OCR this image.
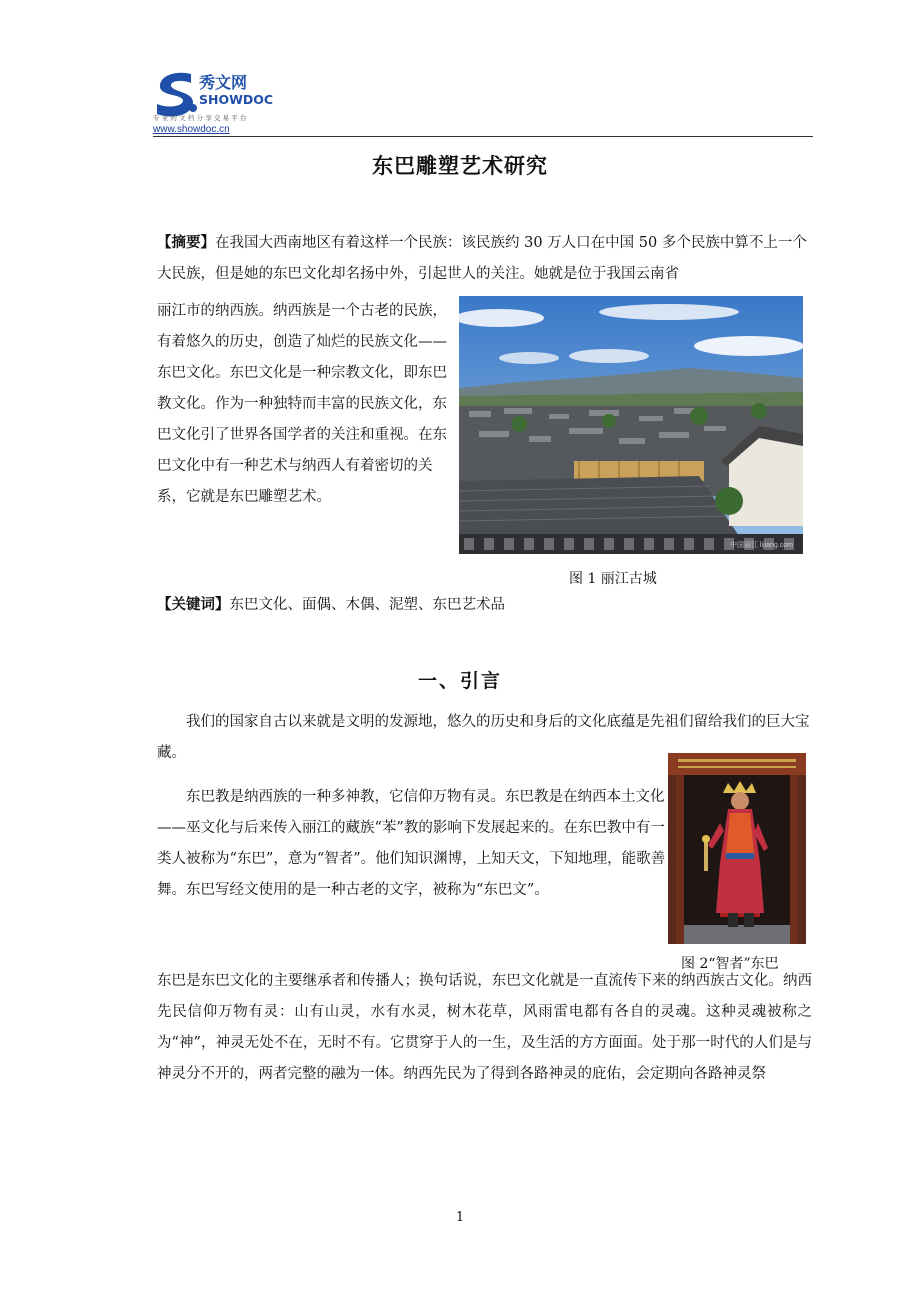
秀文网
SHOWDOC
专业的文档分享交易平台
www.showdoc.cn
东巴雕塑艺术研究
【摘要】在我国大西南地区有着这样一个民族：该民族约 30 万人口在中国 50 多个民族中算不上一个大民族，但是她的东巴文化却名扬中外，引起世人的关注。她就是位于我国云南省
丽江市的纳西族。纳西族是一个古老的民族，有着悠久的历史，创造了灿烂的民族文化——东巴文化。东巴文化是一种宗教文化，即东巴教文化。作为一种独特而丰富的民族文化，东巴文化引了世界各国学者的关注和重视。在东巴文化中有一种艺术与纳西人有着密切的关系，它就是东巴雕塑艺术。
中国丽江 lijiang.com
图 1 丽江古城
【关键词】东巴文化、面偶、木偶、泥塑、东巴艺术品
一、引言
我们的国家自古以来就是文明的发源地，悠久的历史和身后的文化底蕴是先祖们留给我们的巨大宝藏。
东巴教是纳西族的一种多神教，它信仰万物有灵。东巴教是在纳西本土文化——巫文化与后来传入丽江的藏族“苯”教的影响下发展起来的。在东巴教中有一类人被称为“东巴”，意为“智者”。他们知识渊博，上知天文，下知地理，能歌善舞。东巴写经文使用的是一种古老的文字，被称为“东巴文”。
图 2“智者”东巴
东巴是东巴文化的主要继承者和传播人；换句话说，东巴文化就是一直流传下来的纳西族古文化。纳西先民信仰万物有灵：山有山灵，水有水灵，树木花草，风雨雷电都有各自的灵魂。这种灵魂被称之为“神”，神灵无处不在，无时不有。它贯穿于人的一生，及生活的方方面面。处于那一时代的人们是与神灵分不开的，两者完整的融为一体。纳西先民为了得到各路神灵的庇佑，会定期向各路神灵祭
1
